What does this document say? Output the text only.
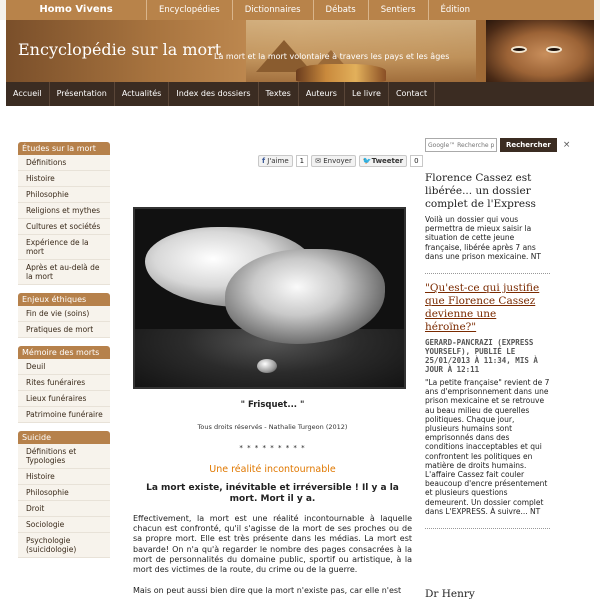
Homo Vivens	Encyclopédies	Dictionnaires	Débats	Sentiers	Édition
Encyclopédie sur la mort
La mort et la mort volontaire à travers les pays et les âges
Accueil	Présentation	Actualités	Index des dossiers	Textes	Auteurs	Le livre	Contact
Études sur la mort
Définitions
Histoire
Philosophie
Religions et mythes
Cultures et sociétés
Expérience de la mort
Après et au-delà de la mort
Enjeux éthiques
Fin de vie (soins)
Pratiques de mort
Mémoire des morts
Deuil
Rites funéraires
Lieux funéraires
Patrimoine funéraire
Suicide
Définitions et Typologies
Histoire
Philosophie
Droit
Sociologie
Psychologie (suicidologie)
f J'aime	1	✉ Envoyer	🐦Tweeter	0
" Frisquet... "
Tous droits réservés - Nathalie Turgeon (2012)
* * * * * * * * *
Une réalité incontournable
La mort existe, inévitable et irréversible ! Il y a la mort. Mort il y a.
Effectivement, la mort est une réalité incontournable à laquelle chacun est confronté, qu'il s'agisse de la mort de ses proches ou de sa propre mort. Elle est très présente dans les médias. La mort est bavarde! On n'a qu'à regarder le nombre des pages consacrées à la mort de personnalités du domaine public, sportif ou artistique, à la mort des victimes de la route, du crime ou de la guerre.
Mais on peut aussi bien dire que la mort n'existe pas, car elle n'est
Google™ Recherche pe
Rechercher	×
Florence Cassez est libérée... un dossier complet de l'Express
Voilà un dossier qui vous permettra de mieux saisir la situation de cette jeune française, libérée après 7 ans dans une prison mexicaine. NT
"Qu'est-ce qui justifie que Florence Cassez devienne une héroïne?"
GERARD-PANCRAZI (EXPRESS YOURSELF), PUBLIÉ LE 25/01/2013 À 11:34, MIS À JOUR À 12:11
"La petite française" revient de 7 ans d'emprisonnement dans une prison mexicaine et se retrouve au beau milieu de querelles politiques. Chaque jour, plusieurs humains sont emprisonnés dans des conditions inacceptables et qui confrontent les politiques en matière de droits humains. L'affaire Cassez fait couler beaucoup d'encre présentement et plusieurs questions demeurent. Un dossier complet dans L'EXPRESS. À suivre... NT
Dr Henry
